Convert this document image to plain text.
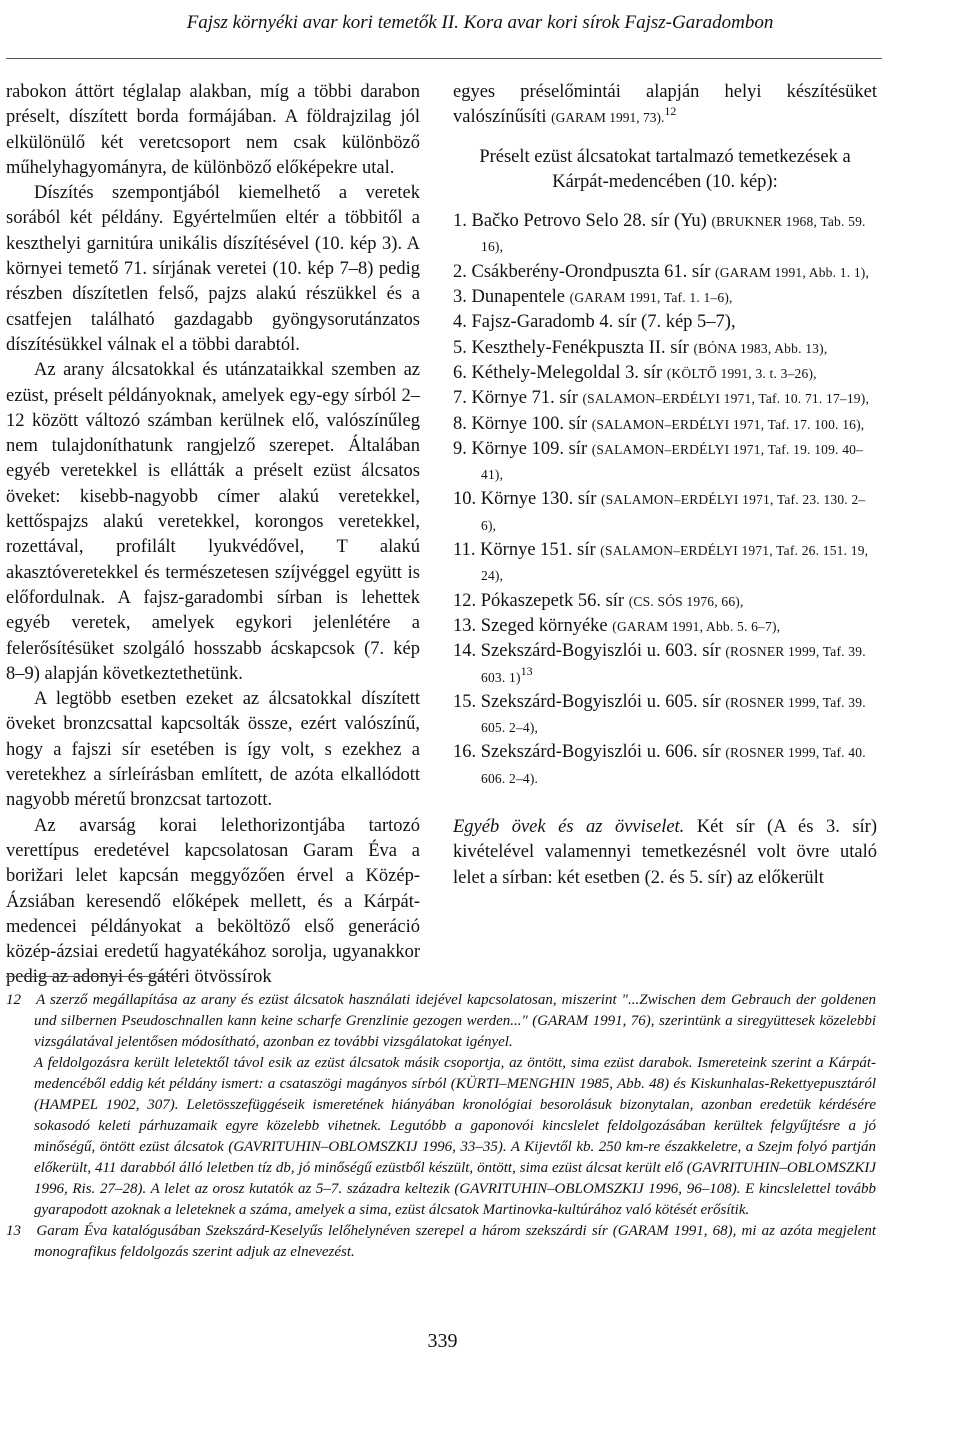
Fajsz környéki avar kori temetők II. Kora avar kori sírok Fajsz-Garadombon

rabokon áttört téglalap alakban, míg a többi darabon préselt, díszített borda formájában. A földrajzilag jól elkülönülő két veretcsoport nem csak különböző műhelyhagyományra, de különböző előképekre utal.

Díszítés szempontjából kiemelhető a veretek sorából két példány. Egyértelműen eltér a többitől a keszthelyi garnitúra unikális díszítésével (10. kép 3). A környei temető 71. sírjának veretei (10. kép 7–8) pedig részben díszítetlen felső, pajzs alakú részükkel és a csatfejen található gazdagabb gyöngysorutánzatos díszítésükkel válnak el a többi darabtól.

Az arany álcsatokkal és utánzataikkal szemben az ezüst, préselt példányoknak, amelyek egy-egy sírból 2–12 között változó számban kerülnek elő, valószínűleg nem tulajdoníthatunk rangjelző szerepet. Általában egyéb veretekkel is ellátták a préselt ezüst álcsatos öveket: kisebb-nagyobb címer alakú veretekkel, kettőspajzs alakú veretekkel, korongos veretekkel, rozettával, profilált lyukvédővel, T alakú akasztóveretekkel és természetesen szíjvéggel együtt is előfordulnak. A fajsz-garadombi sírban is lehettek egyéb veretek, amelyek egykori jelenlétére a felerősítésüket szolgáló hosszabb ácskapcsok (7. kép 8–9) alapján következtethetünk.

A legtöbb esetben ezeket az álcsatokkal díszített öveket bronzcsattal kapcsolták össze, ezért valószínű, hogy a fajszi sír esetében is így volt, s ezekhez a veretekhez a sírleírásban említett, de azóta elkallódott nagyobb méretű bronzcsat tartozott.

Az avarság korai lelethorizontjába tartozó verettípus eredetével kapcsolatosan Garam Éva a borižari lelet kapcsán meggyőzően érvel a Közép-Ázsiában keresendő előképek mellett, és a Kárpát-medencei példányokat a beköltöző első generáció közép-ázsiai eredetű hagyatékához sorolja, ugyanakkor pedig az adonyi és gátéri ötvössírok

egyes préselőmintái alapján helyi készítésüket valószínűsíti (GARAM 1991, 73).$^{12}$

Préselt ezüst álcsatokat tartalmazó temetkezések a Kárpát-medencében (10. kép):

1. Bačko Petrovo Selo 28. sír (Yu) (BRUKNER 1968, Tab. 59. 16),

2. Csákberény-Orondpuszta 61. sír (GARAM 1991, Abb. 1. 1),

3. Dunapentele (GARAM 1991, Taf. 1. 1–6),

4. Fajsz-Garadomb 4. sír (7. kép 5–7),

5. Keszthely-Fenékpuszta II. sír (BÓNA 1983, Abb. 13),

6. Kéthely-Melegoldal 3. sír (KÖLTŐ 1991, 3. t. 3–26),

7. Környe 71. sír (SALAMON–ERDÉLYI 1971, Taf. 10. 71. 17–19),

8. Környe 100. sír (SALAMON–ERDÉLYI 1971, Taf. 17. 100. 16),

9. Környe 109. sír (SALAMON–ERDÉLYI 1971, Taf. 19. 109. 40–41),

10. Környe 130. sír (SALAMON–ERDÉLYI 1971, Taf. 23. 130. 2–6),

11. Környe 151. sír (SALAMON–ERDÉLYI 1971, Taf. 26. 151. 19, 24),

12. Pókaszepetk 56. sír (CS. SÓS 1976, 66),

13. Szeged környéke (GARAM 1991, Abb. 5. 6–7),

14. Szekszárd-Bogyiszlói u. 603. sír (ROSNER 1999, Taf. 39. 603. 1)$^{13}$

15. Szekszárd-Bogyiszlói u. 605. sír (ROSNER 1999, Taf. 39. 605. 2–4),

16. Szekszárd-Bogyiszlói u. 606. sír (ROSNER 1999, Taf. 40. 606. 2–4).

Egyéb övek és az övviselet. Két sír (A és 3. sír) kivételével valamennyi temetkezésnél volt övre utaló lelet a sírban: két esetben (2. és 5. sír) az előkerült

12 A szerző megállapítása az arany és ezüst álcsatok használati idejével kapcsolatosan, miszerint "...Zwischen dem Gebrauch der goldenen und silbernen Pseudoschnallen kann keine scharfe Grenzlinie gezogen werden..." (GARAM 1991, 76), szerintünk a siregyüttesek közelebbi vizsgálatával jelentősen módosítható, azonban ez további vizsgálatokat igényel.

A feldolgozásra került leletektől távol esik az ezüst álcsatok másik csoportja, az öntött, sima ezüst darabok. Ismereteink szerint a Kárpát-medencéből eddig két példány ismert: a csataszögi magányos sírból (KÜRTI–MENGHIN 1985, Abb. 48) és Kiskunhalas-Rekettyepusztáról (HAMPEL 1902, 307). Leletösszefüggéseik ismeretének hiányában kronológiai besorolásuk bizonytalan, azonban eredetük kérdésére sokasodó keleti párhuzamaik egyre közelebb vihetnek. Legutóbb a gaponovói kincslelet feldolgozásában kerültek felgyűjtésre a jó minőségű, öntött ezüst álcsatok (GAVRITUHIN–OBLOMSZKIJ 1996, 33–35). A Kijevtől kb. 250 km-re északkeletre, a Szejm folyó partján előkerült, 411 darabból álló leletben tíz db, jó minőségű ezüstből készült, öntött, sima ezüst álcsat került elő (GAVRITUHIN–OBLOMSZKIJ 1996, Ris. 27–28). A lelet az orosz kutatók az 5–7. századra keltezik (GAVRITUHIN–OBLOMSZKIJ 1996, 96–108). E kincslelettel tovább gyarapodott azoknak a leleteknek a száma, amelyek a sima, ezüst álcsatok Martinovka-kultúrához való kötését erősítik.

13 Garam Éva katalógusában Szekszárd-Keselyűs lelőhelynéven szerepel a három szekszárdi sír (GARAM 1991, 68), mi az azóta megjelent monografikus feldolgozás szerint adjuk az elnevezést.

339
